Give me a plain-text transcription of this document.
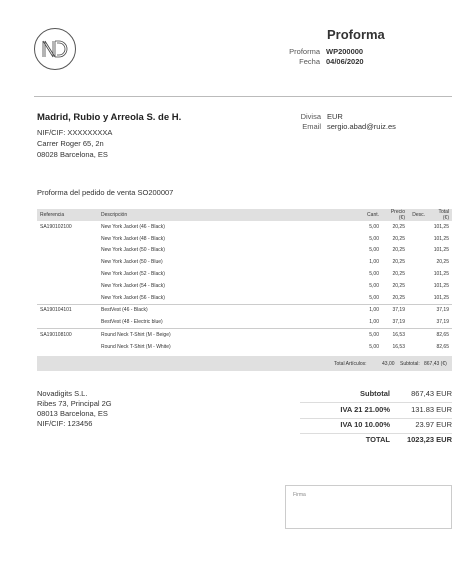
Proforma
Proforma WP200000
Fecha 04/06/2020
Madrid, Rubio y Arreola S. de H.
NIF/CIF: XXXXXXXXA
Carrer Roger 65, 2n
08028 Barcelona, ES
Divisa EUR
Email sergio.abad@ruiz.es
Proforma del pedido de venta SO200007
Referencia	Descripción	Cant.	Precio (€)	Desc.	Total (€)
SA190102100	New York Jacket (46 - Black)	5,00	20,25		101,25
	New York Jacket (48 - Black)	5,00	20,25		101,25
	New York Jacket (50 - Black)	5,00	20,25		101,25
	New York Jacket (50 - Blue)	1,00	20,25		20,25
	New York Jacket (52 - Black)	5,00	20,25		101,25
	New York Jacket (54 - Black)	5,00	20,25		101,25
	New York Jacket (56 - Black)	5,00	20,25		101,25
SA190104101	BestVest (46 - Black)	1,00	37,19		37,19
	BestVest (48 - Electric blue)	1,00	37,19		37,19
SA190108100	Round Neck T-Shirt (M - Beige)	5,00	16,53		82,65
	Round Neck T-Shirt (M - White)	5,00	16,53		82,65
Total Artículos:	43,00 Subtotal: 867,43 (€)
Novadigits S.L.
Ribes 73, Principal 2G
08013 Barcelona, ES
NIF/CIF: 123456
Subtotal	867,43 EUR
IVA 21 21.00%	131.83 EUR
IVA 10 10.00%	23.97 EUR
TOTAL	1023,23 EUR
Firma
